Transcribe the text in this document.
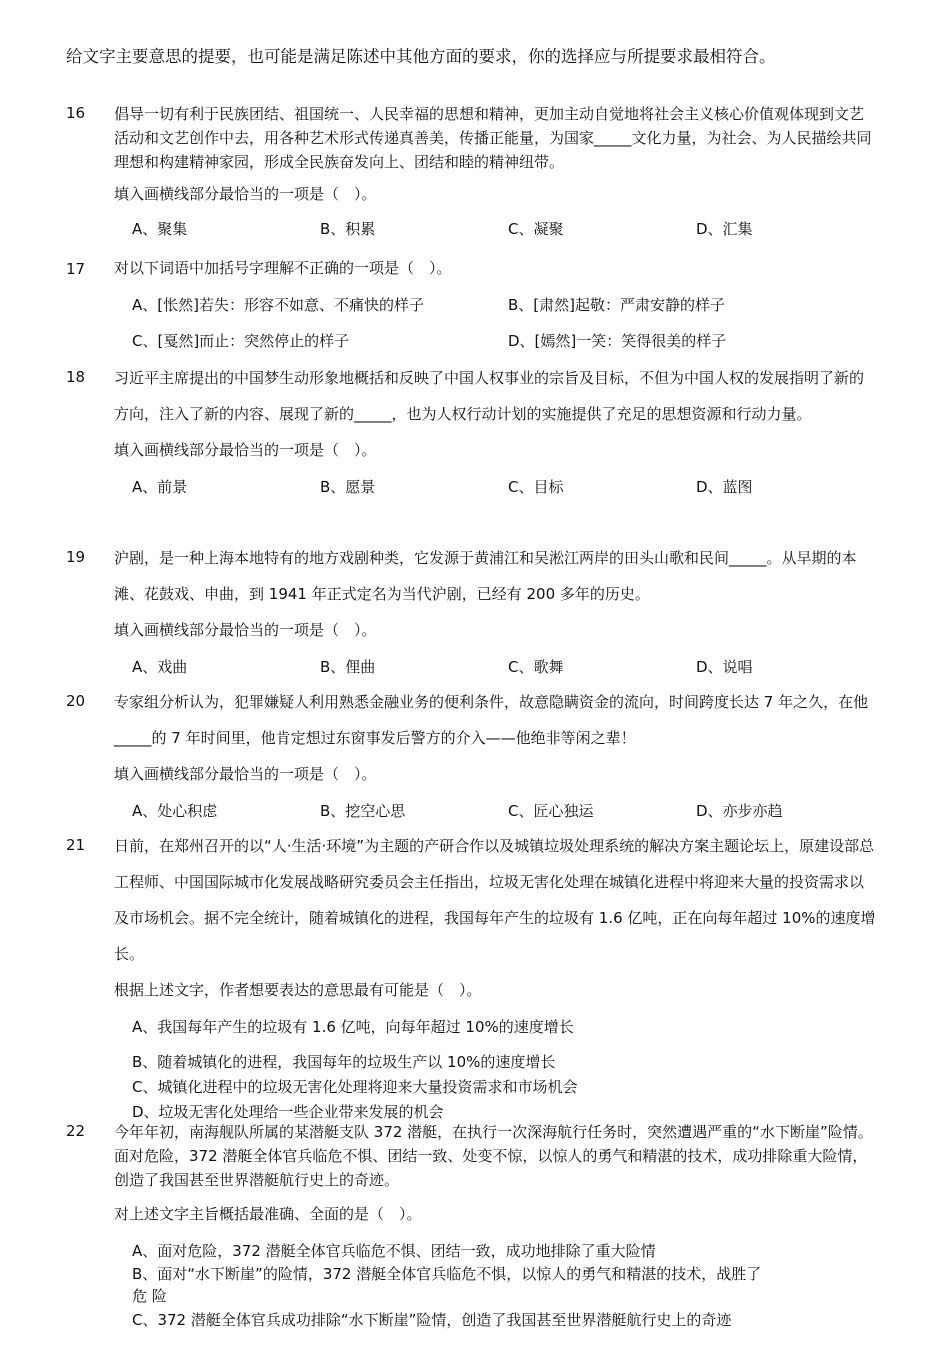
给文字主要意思的提要，也可能是满足陈述中其他方面的要求，你的选择应与所提要求最相符合。
16	倡导一切有利于民族团结、祖国统一、人民幸福的思想和精神，更加主动自觉地将社会主义核心价值观体现到文艺活动和文艺创作中去，用各种艺术形式传递真善美，传播正能量，为国家_____文化力量，为社会、为人民描绘共同理想和构建精神家园，形成全民族奋发向上、团结和睦的精神纽带。
填入画横线部分最恰当的一项是（　）。
A、聚集	B、积累	C、凝聚	D、汇集
17	对以下词语中加括号字理解不正确的一项是（　）。
A、[怅然]若失：形容不如意、不痛快的样子	B、[肃然]起敬：严肃安静的样子
C、[戛然]而止：突然停止的样子	D、[嫣然]一笑：笑得很美的样子
18	习近平主席提出的中国梦生动形象地概括和反映了中国人权事业的宗旨及目标，不但为中国人权的发展指明了新的方向，注入了新的内容、展现了新的_____，也为人权行动计划的实施提供了充足的思想资源和行动力量。
填入画横线部分最恰当的一项是（　）。
A、前景	B、愿景	C、目标	D、蓝图
19	沪剧，是一种上海本地特有的地方戏剧种类，它发源于黄浦江和吴淞江两岸的田头山歌和民间_____。从早期的本滩、花鼓戏、申曲，到 1941 年正式定名为当代沪剧，已经有 200 多年的历史。
填入画横线部分最恰当的一项是（　）。
A、戏曲	B、俚曲	C、歌舞	D、说唱
20	专家组分析认为，犯罪嫌疑人利用熟悉金融业务的便利条件，故意隐瞒资金的流向，时间跨度长达 7 年之久，在他_____的 7 年时间里，他肯定想过东窗事发后警方的介入——他绝非等闲之辈！
填入画横线部分最恰当的一项是（　）。
A、处心积虑	B、挖空心思	C、匠心独运	D、亦步亦趋
21	日前，在郑州召开的以“人·生活·环境”为主题的产研合作以及城镇垃圾处理系统的解决方案主题论坛上，原建设部总工程师、中国国际城市化发展战略研究委员会主任指出，垃圾无害化处理在城镇化进程中将迎来大量的投资需求以及市场机会。据不完全统计，随着城镇化的进程，我国每年产生的垃圾有 1.6 亿吨，正在向每年超过 10%的速度增长。
根据上述文字，作者想要表达的意思最有可能是（　）。
A、我国每年产生的垃圾有 1.6 亿吨，向每年超过 10%的速度增长
B、随着城镇化的进程，我国每年的垃圾生产以 10%的速度增长
C、城镇化进程中的垃圾无害化处理将迎来大量投资需求和市场机会
D、垃圾无害化处理给一些企业带来发展的机会
22	今年年初，南海舰队所属的某潜艇支队 372 潜艇，在执行一次深海航行任务时，突然遭遇严重的“水下断崖”险情。面对危险，372 潜艇全体官兵临危不惧、团结一致、处变不惊，以惊人的勇气和精湛的技术，成功排除重大险情，创造了我国甚至世界潜艇航行史上的奇迹。
对上述文字主旨概括最准确、全面的是（　）。
A、面对危险，372 潜艇全体官兵临危不惧、团结一致，成功地排除了重大险情
B、面对“水下断崖”的险情，372 潜艇全体官兵临危不惧，以惊人的勇气和精湛的技术，战胜了
危 险
C、372 潜艇全体官兵成功排除“水下断崖”险情，创造了我国甚至世界潜艇航行史上的奇迹
